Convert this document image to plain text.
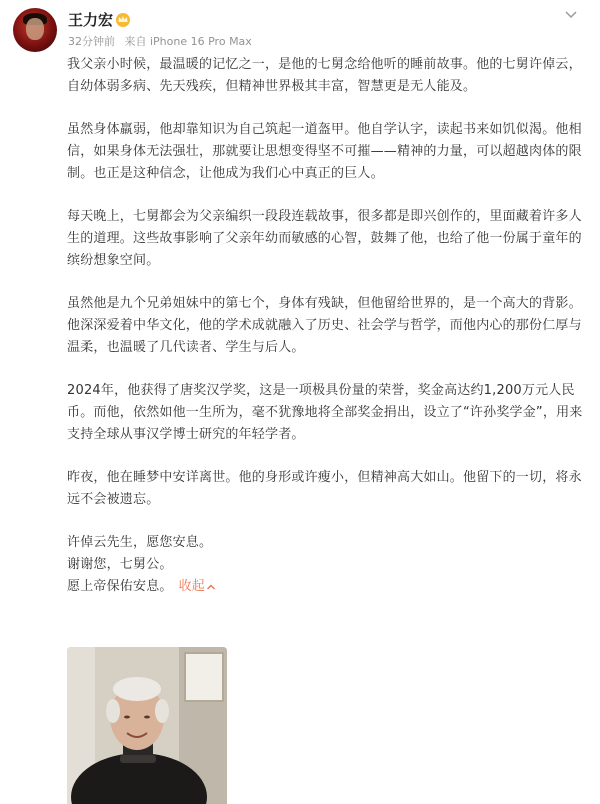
王力宏
32分钟前 来自 iPhone 16 Pro Max

我父亲小时候，最温暖的记忆之一，是他的七舅念给他听的睡前故事。他的七舅许倬云，自幼体弱多病、先天残疾，但精神世界极其丰富，智慧更是无人能及。

虽然身体羸弱，他却靠知识为自己筑起一道盔甲。他自学认字，读起书来如饥似渴。他相信，如果身体无法强壮，那就要让思想变得坚不可摧——精神的力量，可以超越肉体的限制。也正是这种信念，让他成为我们心中真正的巨人。

每天晚上，七舅都会为父亲编织一段段连载故事，很多都是即兴创作的，里面藏着许多人生的道理。这些故事影响了父亲年幼而敏感的心智，鼓舞了他，也给了他一份属于童年的缤纷想象空间。

虽然他是九个兄弟姐妹中的第七个，身体有残缺，但他留给世界的，是一个高大的背影。他深深爱着中华文化，他的学术成就融入了历史、社会学与哲学，而他内心的那份仁厚与温柔，也温暖了几代读者、学生与后人。

2024年，他获得了唐奖汉学奖，这是一项极具份量的荣誉，奖金高达约1,200万元人民币。而他，依然如他一生所为，毫不犹豫地将全部奖金捐出，设立了“许孙奖学金”，用来支持全球从事汉学博士研究的年轻学者。

昨夜，他在睡梦中安详离世。他的身形或许瘦小，但精神高大如山。他留下的一切，将永远不会被遗忘。

许倬云先生，愿您安息。

谢谢您，七舅公。

愿上帝保佑安息。 收起
